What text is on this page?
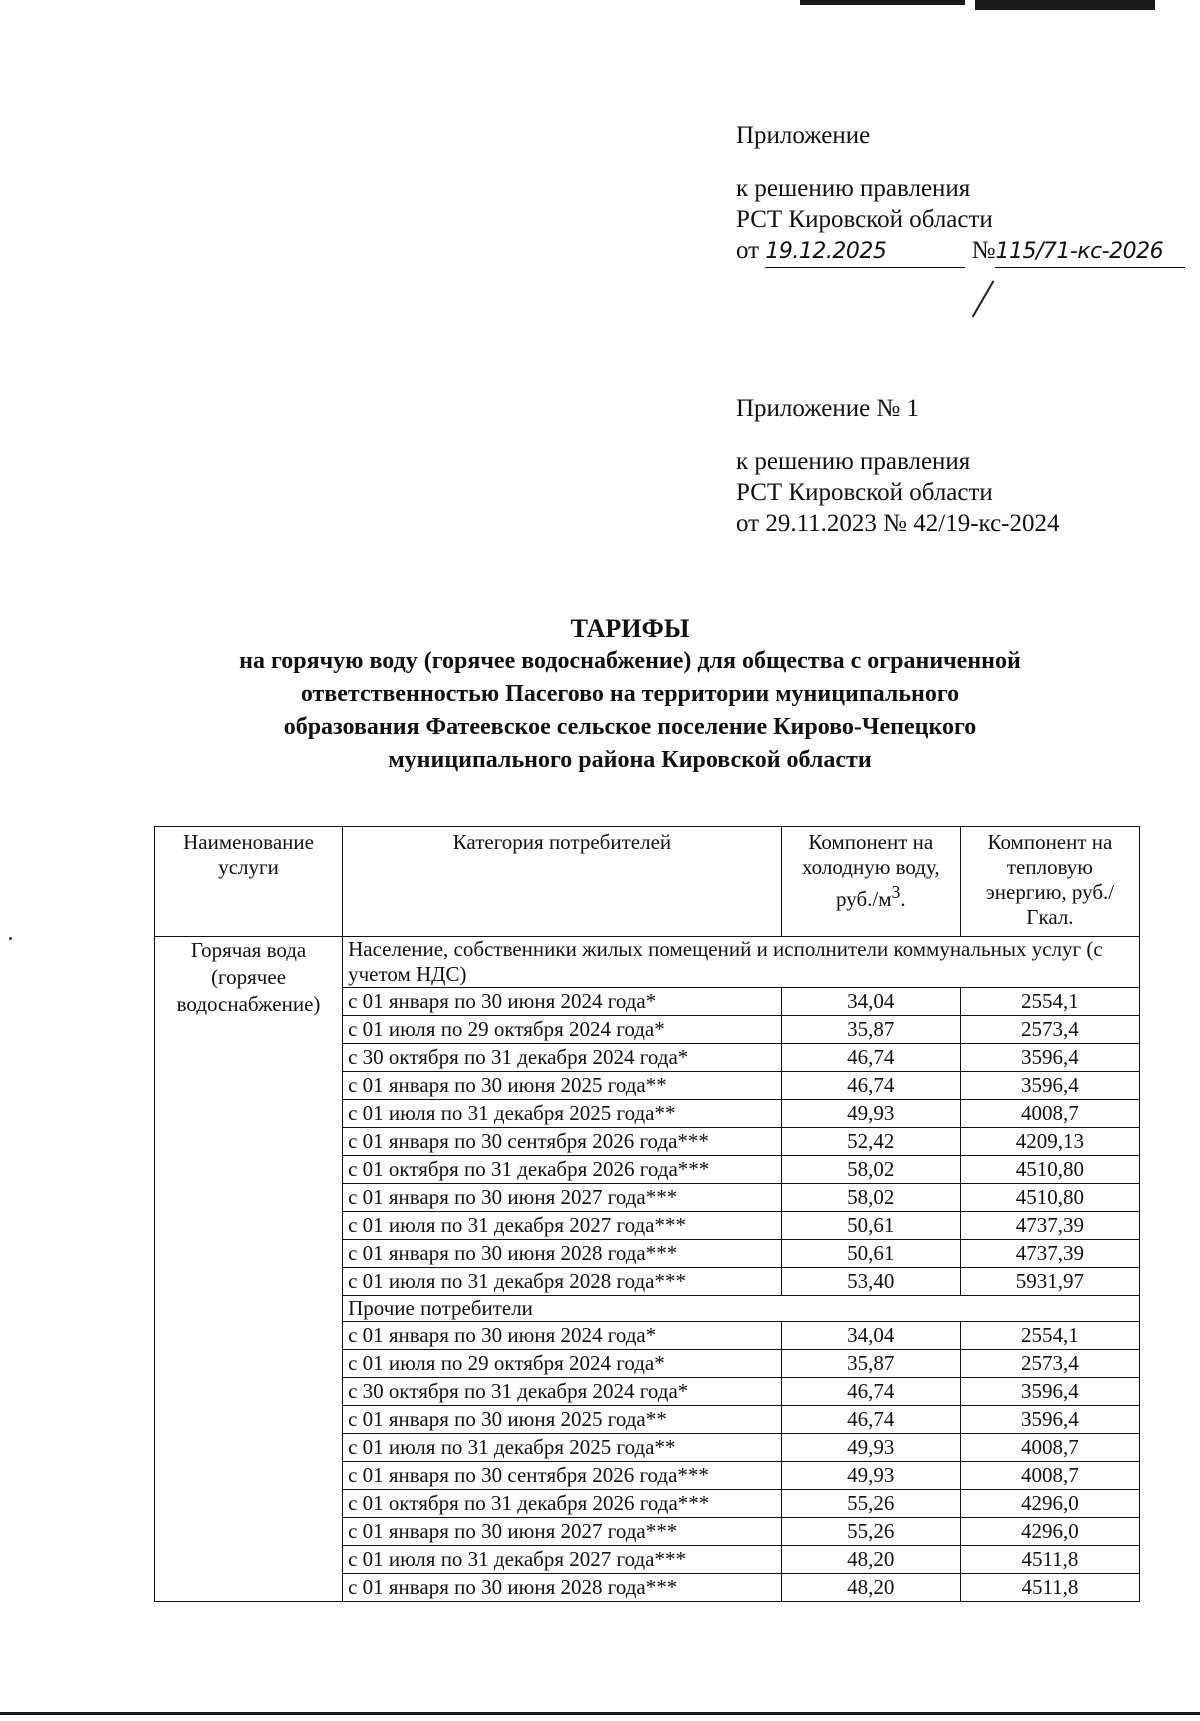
Приложение
к решению правления
РСТ Кировской области
от 19.12.2025	№115/71-кс-2026
Приложение № 1
к решению правления
РСТ Кировской области
от 29.11.2023 № 42/19-кс-2024
ТАРИФЫ
на горячую воду (горячее водоснабжение) для общества с ограниченной
ответственностью Пасегово на территории муниципального
образования Фатеевское сельское поселение Кирово-Чепецкого
муниципального района Кировской области
Наименование услуги	Категория потребителей	Компонент на холодную воду, $руб./м^3$.	Компонент на тепловую энергию, руб./Гкал.
Горячая вода (горячее водоснабжение)	Население, собственники жилых помещений и исполнители коммунальных услуг (с учетом НДС)		
	с 01 января по 30 июня 2024 года*	34,04	2554,1
	с 01 июля по 29 октября 2024 года*	35,87	2573,4
	с 30 октября по 31 декабря 2024 года*	46,74	3596,4
	с 01 января по 30 июня 2025 года**	46,74	3596,4
	с 01 июля по 31 декабря 2025 года**	49,93	4008,7
	с 01 января по 30 сентября 2026 года***	52,42	4209,13
	с 01 октября по 31 декабря 2026 года***	58,02	4510,80
	с 01 января по 30 июня 2027 года***	58,02	4510,80
	с 01 июля по 31 декабря 2027 года***	50,61	4737,39
	с 01 января по 30 июня 2028 года***	50,61	4737,39
	с 01 июля по 31 декабря 2028 года***	53,40	5931,97
	Прочие потребители		
	с 01 января по 30 июня 2024 года*	34,04	2554,1
	с 01 июля по 29 октября 2024 года*	35,87	2573,4
	с 30 октября по 31 декабря 2024 года*	46,74	3596,4
	с 01 января по 30 июня 2025 года**	46,74	3596,4
	с 01 июля по 31 декабря 2025 года**	49,93	4008,7
	с 01 января по 30 сентября 2026 года***	49,93	4008,7
	с 01 октября по 31 декабря 2026 года***	55,26	4296,0
	с 01 января по 30 июня 2027 года***	55,26	4296,0
	с 01 июля по 31 декабря 2027 года***	48,20	4511,8
	с 01 января по 30 июня 2028 года***	48,20	4511,8
